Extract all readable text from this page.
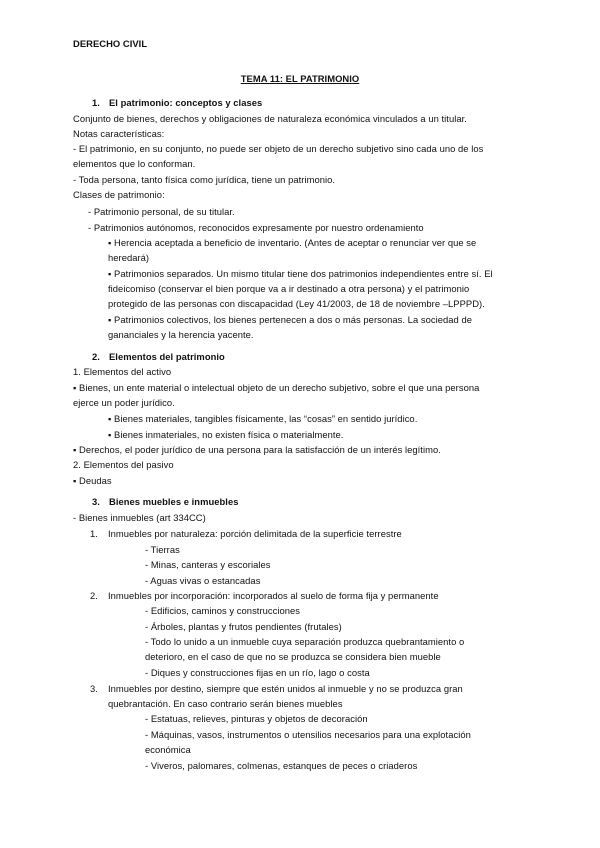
DERECHO CIVIL
TEMA 11: EL PATRIMONIO
1. El patrimonio: conceptos y clases
Conjunto de bienes, derechos y obligaciones de naturaleza económica vinculados a un titular.
Notas características:
- El patrimonio, en su conjunto, no puede ser objeto de un derecho subjetivo sino cada uno de los
elementos que lo conforman.
- Toda persona, tanto física como jurídica, tiene un patrimonio.
Clases de patrimonio:
- Patrimonio personal, de su titular.
- Patrimonios autónomos, reconocidos expresamente por nuestro ordenamiento
▪ Herencia aceptada a beneficio de inventario. (Antes de aceptar o renunciar ver que se
heredará)
▪ Patrimonios separados. Un mismo titular tiene dos patrimonios independientes entre sí. El
fideicomiso (conservar el bien porque va a ir destinado a otra persona) y el patrimonio
protegido de las personas con discapacidad (Ley 41/2003, de 18 de noviembre –LPPPD).
▪ Patrimonios colectivos, los bienes pertenecen a dos o más personas. La sociedad de
gananciales y la herencia yacente.
2. Elementos del patrimonio
1. Elementos del activo
▪ Bienes, un ente material o intelectual objeto de un derecho subjetivo, sobre el que una persona
ejerce un poder jurídico.
▪ Bienes materiales, tangibles físicamente, las “cosas” en sentido jurídico.
▪ Bienes inmateriales, no existen física o materialmente.
▪ Derechos, el poder jurídico de una persona para la satisfacción de un interés legítimo.
2. Elementos del pasivo
▪ Deudas
3. Bienes muebles e inmuebles
- Bienes inmuebles (art 334CC)
1. Inmuebles por naturaleza: porción delimitada de la superficie terrestre
- Tierras
- Minas, canteras y escoriales
- Aguas vivas o estancadas
2. Inmuebles por incorporación: incorporados al suelo de forma fija y permanente
- Edificios, caminos y construcciones
- Árboles, plantas y frutos pendientes (frutales)
- Todo lo unido a un inmueble cuya separación produzca quebrantamiento o
deterioro, en el caso de que no se produzca se considera bien mueble
- Diques y construcciones fijas en un río, lago o costa
3. Inmuebles por destino, siempre que estén unidos al inmueble y no se produzca gran
quebrantación. En caso contrario serán bienes muebles
- Estatuas, relieves, pinturas y objetos de decoración
- Máquinas, vasos, instrumentos o utensilios necesarios para una explotación
económica
- Viveros, palomares, colmenas, estanques de peces o criaderos
